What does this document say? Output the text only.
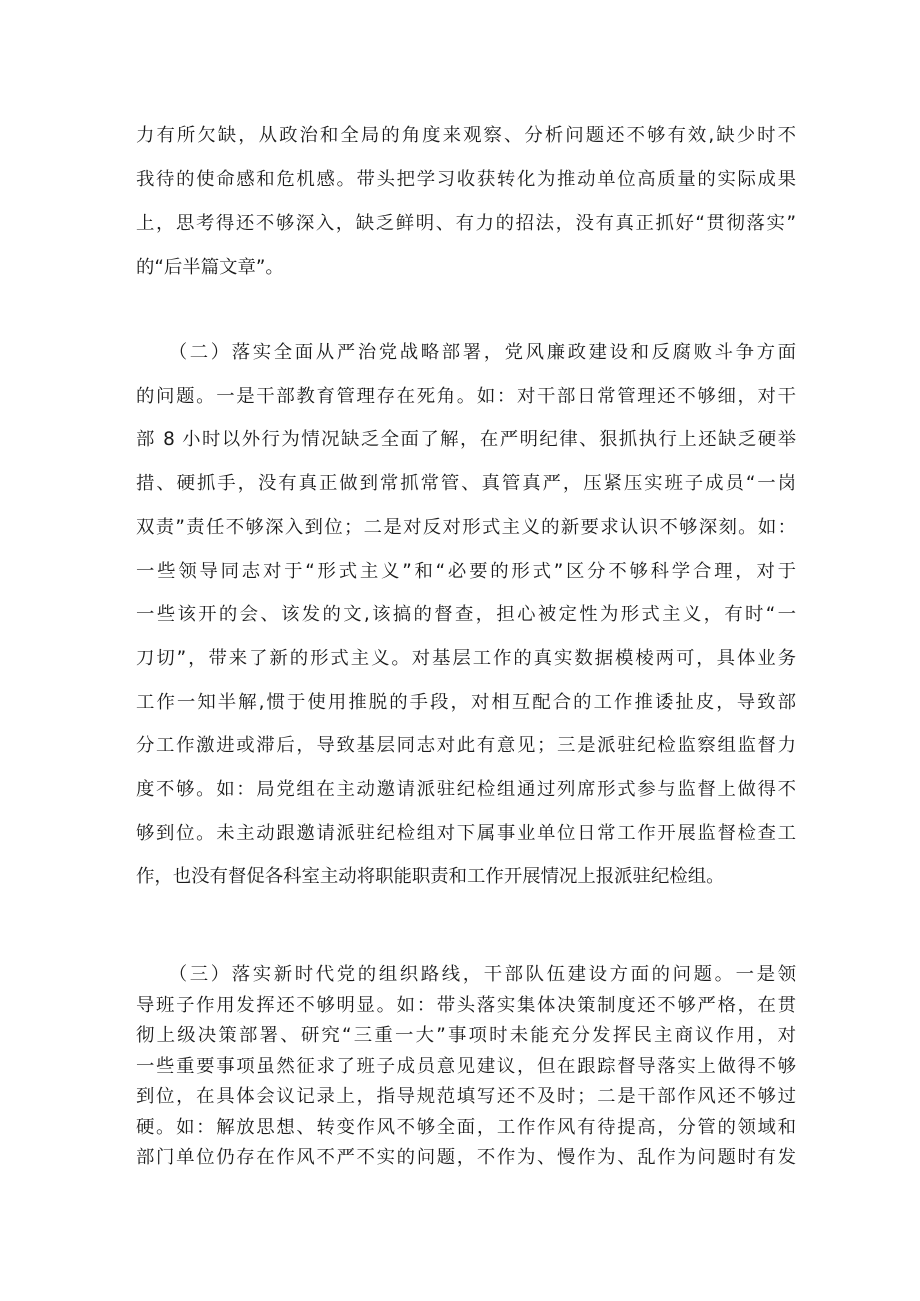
力有所欠缺，从政治和全局的角度来观察、分析问题还不够有效,缺少时不
我待的使命感和危机感。带头把学习收获转化为推动单位高质量的实际成果
上，思考得还不够深入，缺乏鲜明、有力的招法，没有真正抓好“贯彻落实”
的“后半篇文章”。
　　（二）落实全面从严治党战略部署，党风廉政建设和反腐败斗争方面
的问题。一是干部教育管理存在死角。如：对干部日常管理还不够细，对干
部 8 小时以外行为情况缺乏全面了解，在严明纪律、狠抓执行上还缺乏硬举
措、硬抓手，没有真正做到常抓常管、真管真严，压紧压实班子成员“一岗
双责”责任不够深入到位；二是对反对形式主义的新要求认识不够深刻。如：
一些领导同志对于“形式主义”和“必要的形式”区分不够科学合理，对于
一些该开的会、该发的文,该搞的督查，担心被定性为形式主义，有时“一
刀切”，带来了新的形式主义。对基层工作的真实数据模棱两可，具体业务
工作一知半解,惯于使用推脱的手段，对相互配合的工作推诿扯皮，导致部
分工作激进或滞后，导致基层同志对此有意见；三是派驻纪检监察组监督力
度不够。如：局党组在主动邀请派驻纪检组通过列席形式参与监督上做得不
够到位。未主动跟邀请派驻纪检组对下属事业单位日常工作开展监督检查工
作，也没有督促各科室主动将职能职责和工作开展情况上报派驻纪检组。
　　（三）落实新时代党的组织路线，干部队伍建设方面的问题。一是领
导班子作用发挥还不够明显。如：带头落实集体决策制度还不够严格，在贯
彻上级决策部署、研究“三重一大”事项时未能充分发挥民主商议作用，对
一些重要事项虽然征求了班子成员意见建议，但在跟踪督导落实上做得不够
到位，在具体会议记录上，指导规范填写还不及时；二是干部作风还不够过
硬。如：解放思想、转变作风不够全面，工作作风有待提高，分管的领域和
部门单位仍存在作风不严不实的问题，不作为、慢作为、乱作为问题时有发
